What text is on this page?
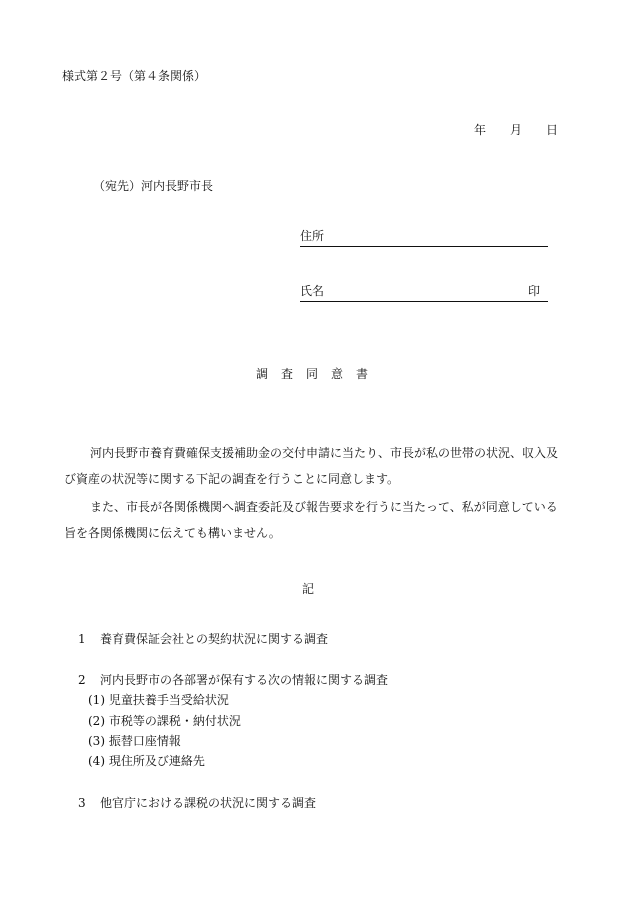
様式第２号（第４条関係）
年 月 日
（宛先）河内長野市長
住所
氏名	印
調査同意書
河内長野市養育費確保支援補助金の交付申請に当たり、市長が私の世帯の状況、収入及び資産の状況等に関する下記の調査を行うことに同意します。
また、市長が各関係機関へ調査委託及び報告要求を行うに当たって、私が同意している旨を各関係機関に伝えても構いません。
記
1 養育費保証会社との契約状況に関する調査
2 河内長野市の各部署が保有する次の情報に関する調査
(1) 児童扶養手当受給状況
(2) 市税等の課税・納付状況
(3) 振替口座情報
(4) 現住所及び連絡先
3 他官庁における課税の状況に関する調査
